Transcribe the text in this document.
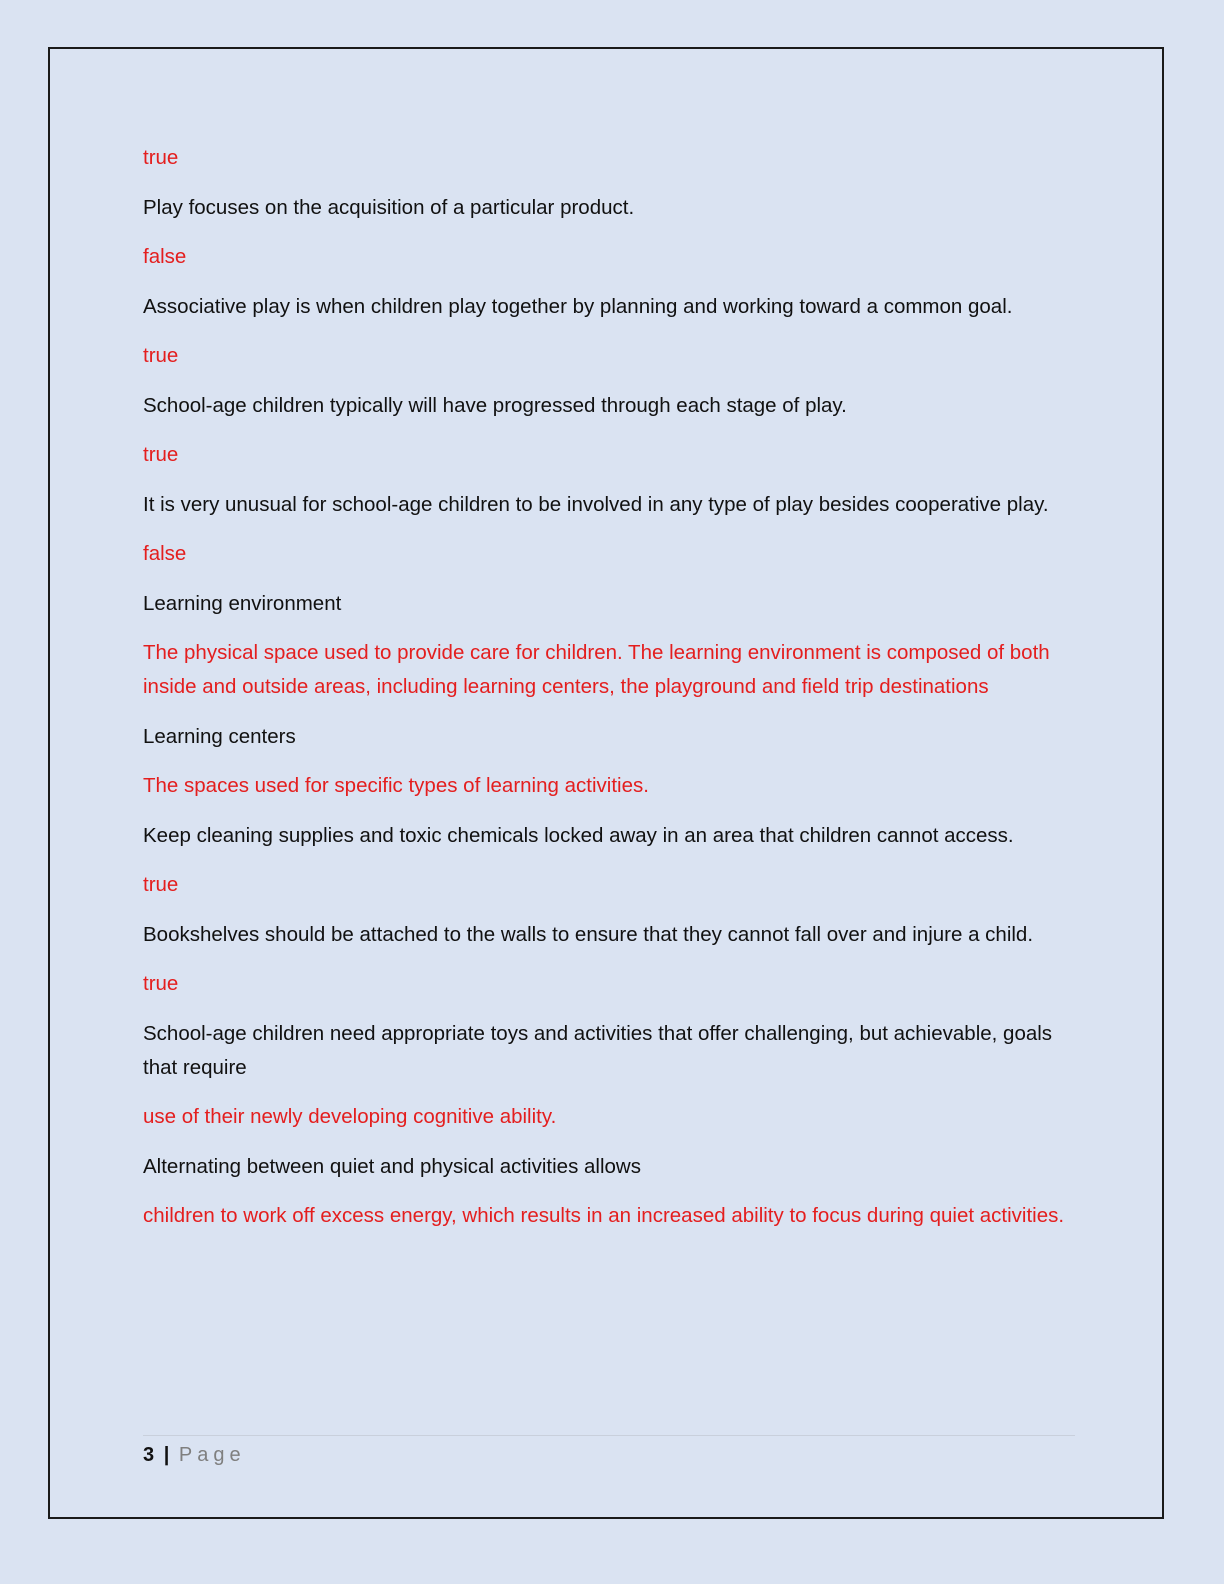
true

Play focuses on the acquisition of a particular product.

false

Associative play is when children play together by planning and working toward a common goal.

true

School-age children typically will have progressed through each stage of play.

true

It is very unusual for school-age children to be involved in any type of play besides cooperative play.

false

Learning environment

The physical space used to provide care for children. The learning environment is composed of both inside and outside areas, including learning centers, the playground and field trip destinations

Learning centers

The spaces used for specific types of learning activities.

Keep cleaning supplies and toxic chemicals locked away in an area that children cannot access.

true

Bookshelves should be attached to the walls to ensure that they cannot fall over and injure a child.

true

School-age children need appropriate toys and activities that offer challenging, but achievable, goals that require

use of their newly developing cognitive ability.

Alternating between quiet and physical activities allows

children to work off excess energy, which results in an increased ability to focus during quiet activities.

3 | Page
